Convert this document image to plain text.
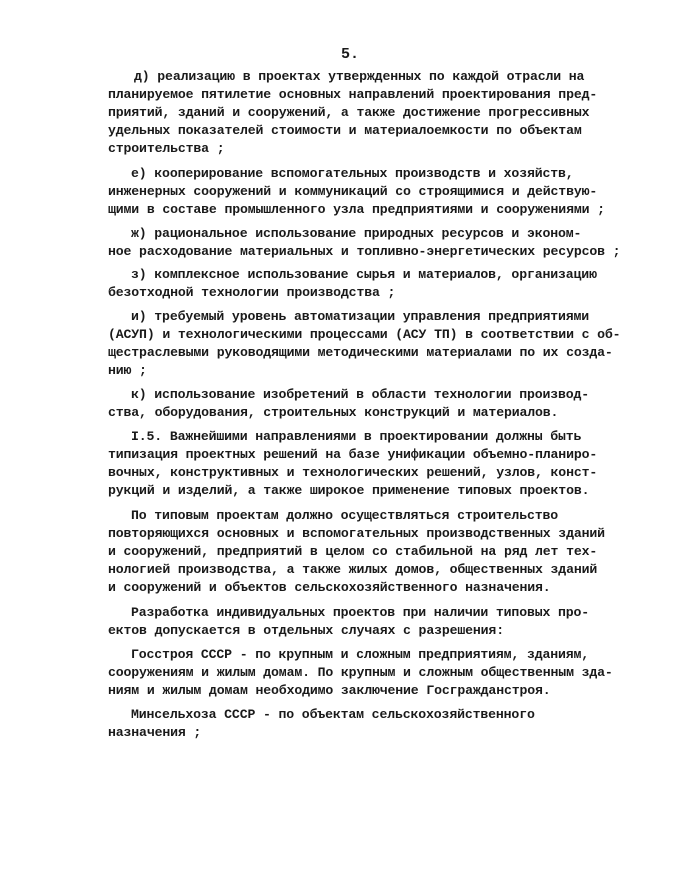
5.
д) реализацию в проектах утвержденных по каждой отрасли на
планируемое пятилетие основных направлений проектирования пред-
приятий, зданий и сооружений, а также достижение прогрессивных
удельных показателей стоимости и материалоемкости по объектам
строительства ;
е) кооперирование вспомогательных производств и хозяйств,
инженерных сооружений и коммуникаций со строящимися и действую-
щими в составе промышленного узла предприятиями и сооружениями ;
ж) рациональное использование природных ресурсов и эконом-
ное расходование материальных и топливно-энергетических ресурсов ;
з) комплексное использование сырья и материалов, организацию
безотходной технологии производства ;
и) требуемый уровень автоматизации управления предприятиями
(АСУП) и технологическими процессами (АСУ ТП) в соответствии с об-
щестраслевыми руководящими методическими материалами по их созда-
нию ;
к) использование изобретений в области технологии производ-
ства, оборудования, строительных конструкций и материалов.
I.5. Важнейшими направлениями в проектировании должны быть
типизация проектных решений на базе унификации объемно-планиро-
вочных, конструктивных и технологических решений, узлов, конст-
рукций и изделий, а также широкое применение типовых проектов.
По типовым проектам должно осуществляться строительство
повторяющихся основных и вспомогательных производственных зданий
и сооружений, предприятий в целом со стабильной на ряд лет тех-
нологией производства, а также жилых домов, общественных зданий
и сооружений и объектов сельскохозяйственного назначения.
Разработка индивидуальных проектов при наличии типовых про-
ектов допускается в отдельных случаях с разрешения:
Госстроя СССР - по крупным и сложным предприятиям, зданиям,
сооружениям и жилым домам. По крупным и сложным общественным зда-
ниям и жилым домам необходимо заключение Госгражданстроя.
Минсельхоза СССР - по объектам сельскохозяйственного
назначения ;
